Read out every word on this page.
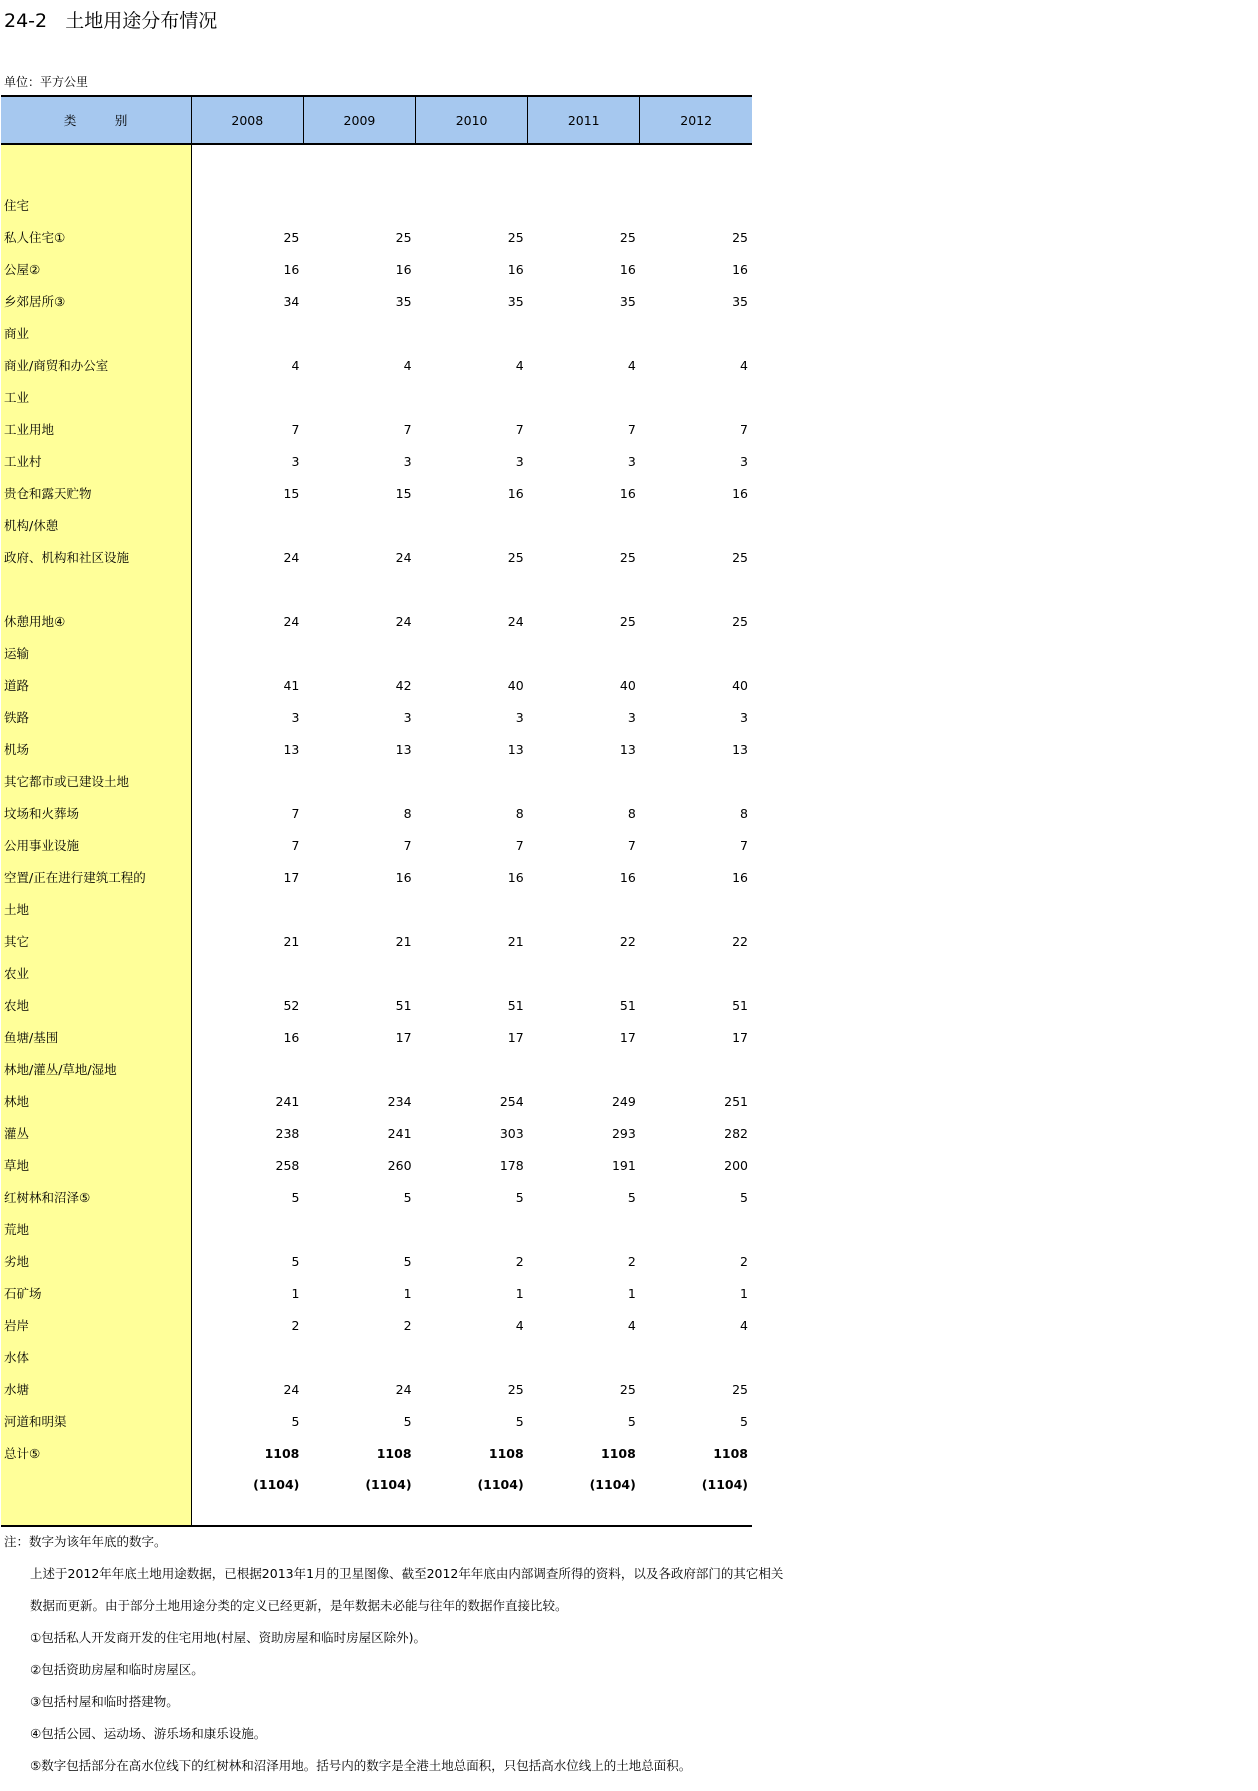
24-2   土地用途分布情况
单位：平方公里
类 别	2008	2009	2010	2011	2012

住宅					
私人住宅①	25	25	25	25	25
公屋②	16	16	16	16	16
乡郊居所③	34	35	35	35	35
商业					
商业/商贸和办公室	4	4	4	4	4
工业					
工业用地	7	7	7	7	7
工业村	3	3	3	3	3
贵仓和露天贮物	15	15	16	16	16
机构/休憩					
政府、机构和社区设施	24	24	25	25	25

休憩用地④	24	24	24	25	25
运输					
道路	41	42	40	40	40
铁路	3	3	3	3	3
机场	13	13	13	13	13
其它都市或已建设土地					
坟场和火葬场	7	8	8	8	8
公用事业设施	7	7	7	7	7
空置/正在进行建筑工程的	17	16	16	16	16
土地					
其它	21	21	21	22	22
农业					
农地	52	51	51	51	51
鱼塘/基围	16	17	17	17	17
林地/灌丛/草地/湿地					
林地	241	234	254	249	251
灌丛	238	241	303	293	282
草地	258	260	178	191	200
红树林和沼泽⑤	5	5	5	5	5
荒地					
劣地	5	5	2	2	2
石矿场	1	1	1	1	1
岩岸	2	2	4	4	4
水体					
水塘	24	24	25	25	25
河道和明渠	5	5	5	5	5
总计⑤	1108	1108	1108	1108	1108
	(1104)	(1104)	(1104)	(1104)	(1104)
注：数字为该年年底的数字。
上述于2012年年底土地用途数据，已根据2013年1月的卫星图像、截至2012年年底由内部调查所得的资料，以及各政府部门的其它相关
数据而更新。由于部分土地用途分类的定义已经更新，是年数据未必能与往年的数据作直接比较。
①包括私人开发商开发的住宅用地(村屋、资助房屋和临时房屋区除外)。
②包括资助房屋和临时房屋区。
③包括村屋和临时搭建物。
④包括公园、运动场、游乐场和康乐设施。
⑤数字包括部分在高水位线下的红树林和沼泽用地。括号内的数字是全港土地总面积，只包括高水位线上的土地总面积。
